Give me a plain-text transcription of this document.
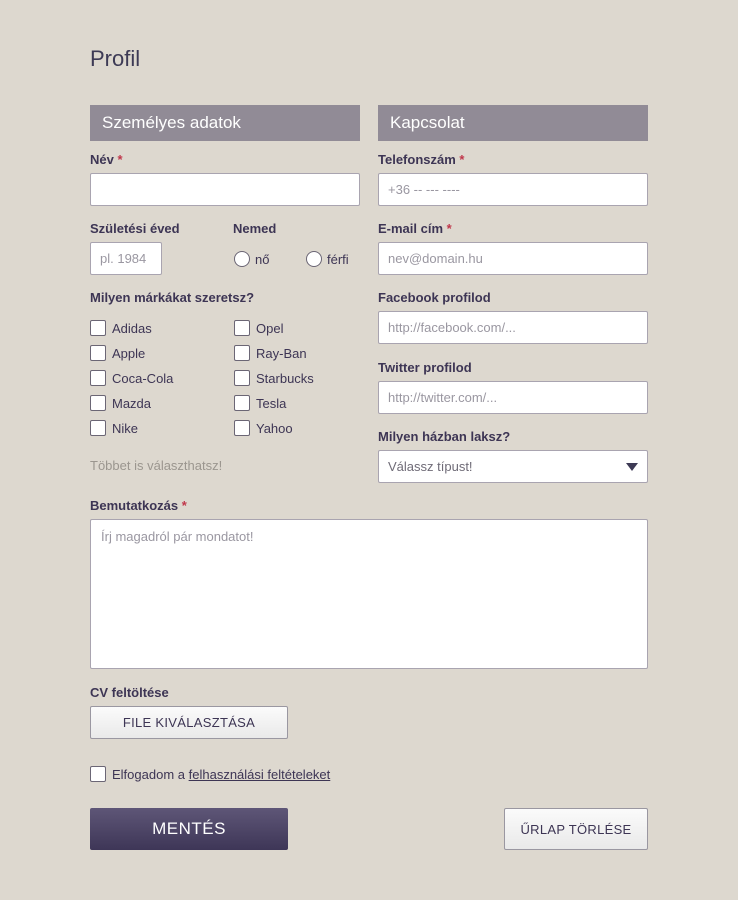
Profil
Személyes adatok	Kapcsolat
Név *
Születési éved
pl. 1984	Nemed
nő	férfi
Milyen márkákat szeretsz?
Adidas
Apple
Coca-Cola
Mazda
Nike
Opel
Ray-Ban
Starbucks
Tesla
Yahoo
Többet is választhatsz!
Telefonszám *
+36 -- --- ----
E-mail cím *
nev@domain.hu
Facebook profilod
http://facebook.com/...
Twitter profilod
http://twitter.com/...
Milyen házban laksz?
Válassz típust!
Bemutatkozás *
Írj magadról pár mondatot!
CV feltöltése
FILE KIVÁLASZTÁSA
Elfogadom a
felhasználási feltételeket
MENTÉS	ŰRLAP TÖRLÉSE
